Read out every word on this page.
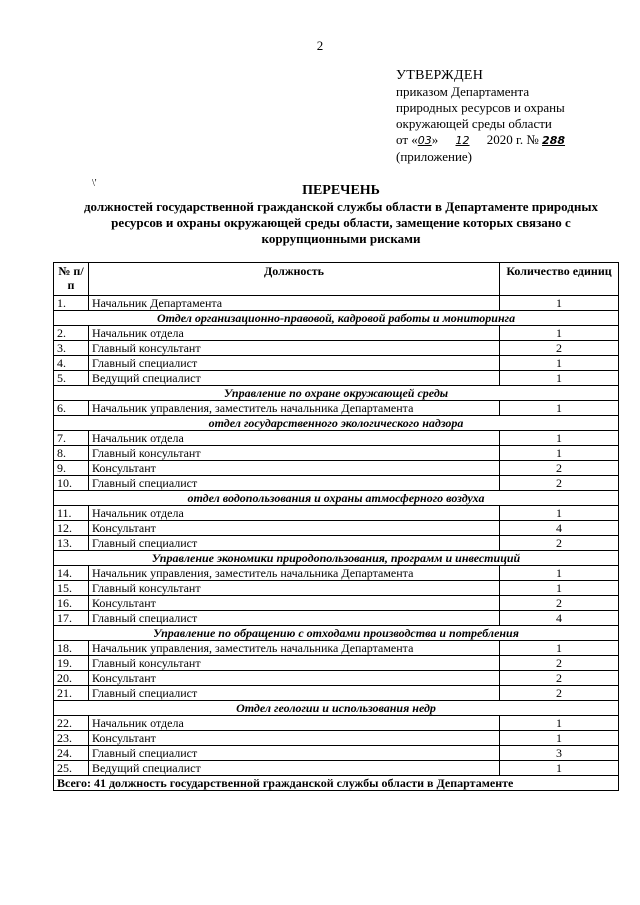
2
УТВЕРЖДЕН
приказом Департамента
природных ресурсов и охраны
окружающей среды области
от «03» 12 2020 г. № 288
(приложение)
\'	ПЕРЕЧЕНЬ
должностей государственной гражданской службы области в Департаменте природных ресурсов и охраны окружающей среды области, замещение которых связано с коррупционными рисками
№ п/п	Должность	Количество единиц
1.	Начальник Департамента	1
Отдел организационно-правовой, кадровой работы и мониторинга		
2.	Начальник отдела	1
3.	Главный консультант	2
4.	Главный специалист	1
5.	Ведущий специалист	1
Управление по охране окружающей среды		
6.	Начальник управления, заместитель начальника Департамента	1
отдел государственного экологического надзора		
7.	Начальник отдела	1
8.	Главный консультант	1
9.	Консультант	2
10.	Главный специалист	2
отдел водопользования и охраны атмосферного воздуха		
11.	Начальник отдела	1
12.	Консультант	4
13.	Главный специалист	2
Управление экономики природопользования, программ и инвестиций		
14.	Начальник управления, заместитель начальника Департамента	1
15.	Главный консультант	1
16.	Консультант	2
17.	Главный специалист	4
Управление по обращению с отходами производства и потребления		
18.	Начальник управления, заместитель начальника Департамента	1
19.	Главный консультант	2
20.	Консультант	2
21.	Главный специалист	2
Отдел геологии и использования недр		
22.	Начальник отдела	1
23.	Консультант	1
24.	Главный специалист	3
25.	Ведущий специалист	1
Всего: 41 должность государственной гражданской службы области в Департаменте		
